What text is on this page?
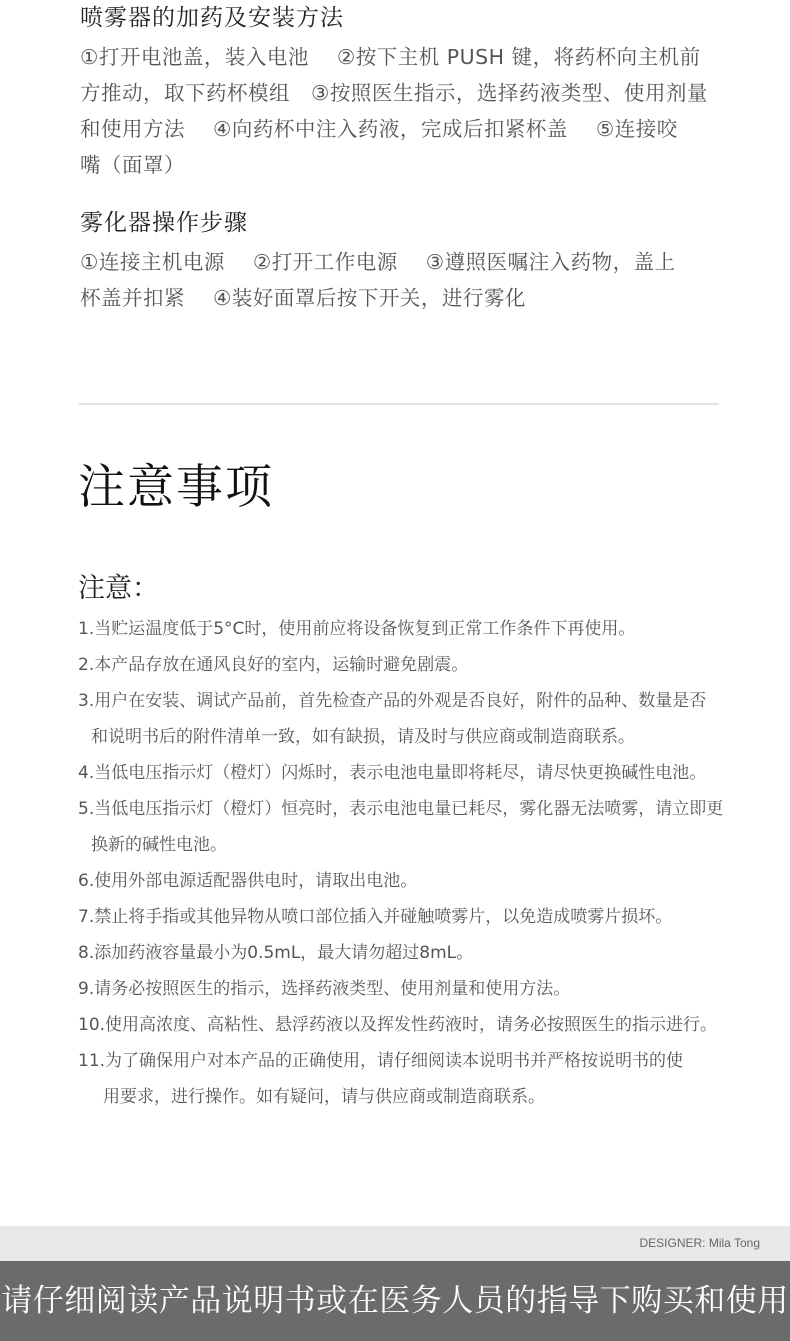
喷雾器的加药及安装方法

①打开电池盖，装入电池　 ②按下主机 PUSH 键，将药杯向主机前
方推动，取下药杯模组　③按照医生指示，选择药液类型、使用剂量
和使用方法　 ④向药杯中注入药液，完成后扣紧杯盖　 ⑤连接咬
嘴（面罩）

雾化器操作步骤

①连接主机电源　 ②打开工作电源　 ③遵照医嘱注入药物，盖上
杯盖并扣紧　 ④装好面罩后按下开关，进行雾化

注意事项
注意：
1.当贮运温度低于5°C时，使用前应将设备恢复到正常工作条件下再使用。
2.本产品存放在通风良好的室内，运输时避免剧震。
3.用户在安装、调试产品前，首先检查产品的外观是否良好，附件的品种、数量是否
和说明书后的附件清单一致，如有缺损，请及时与供应商或制造商联系。
4.当低电压指示灯（橙灯）闪烁时，表示电池电量即将耗尽，请尽快更换碱性电池。
5.当低电压指示灯（橙灯）恒亮时，表示电池电量已耗尽，雾化器无法喷雾，请立即更
换新的碱性电池。
6.使用外部电源适配器供电时，请取出电池。
7.禁止将手指或其他异物从喷口部位插入并碰触喷雾片，以免造成喷雾片损坏。
8.添加药液容量最小为0.5mL，最大请勿超过8mL。
9.请务必按照医生的指示，选择药液类型、使用剂量和使用方法。
10.使用高浓度、高粘性、悬浮药液以及挥发性药液时，请务必按照医生的指示进行。
11.为了确保用户对本产品的正确使用，请仔细阅读本说明书并严格按说明书的使
用要求，进行操作。如有疑问，请与供应商或制造商联系。
DESIGNER: Mila Tong
请仔细阅读产品说明书或在医务人员的指导下购买和使用
